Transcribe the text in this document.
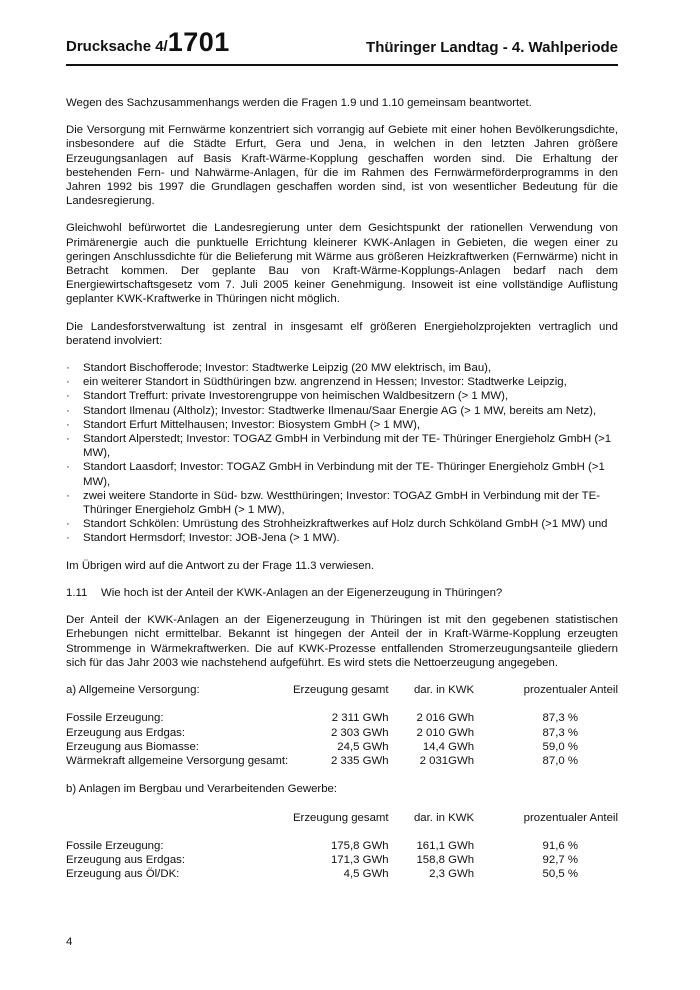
Drucksache 4/1701	Thüringer Landtag - 4. Wahlperiode

Wegen des Sachzusammenhangs werden die Fragen 1.9 und 1.10 gemeinsam beantwortet.

Die Versorgung mit Fernwärme konzentriert sich vorrangig auf Gebiete mit einer hohen Bevölkerungsdichte, insbesondere auf die Städte Erfurt, Gera und Jena, in welchen in den letzten Jahren größere Erzeugungsanlagen auf Basis Kraft-Wärme-Kopplung geschaffen worden sind. Die Erhaltung der bestehenden Fern- und Nahwärme-Anlagen, für die im Rahmen des Fernwärmeförderprogramms in den Jahren 1992 bis 1997 die Grundlagen geschaffen worden sind, ist von wesentlicher Bedeutung für die Landesregierung.

Gleichwohl befürwortet die Landesregierung unter dem Gesichtspunkt der rationellen Verwendung von Primärenergie auch die punktuelle Errichtung kleinerer KWK-Anlagen in Gebieten, die wegen einer zu geringen Anschlussdichte für die Belieferung mit Wärme aus größeren Heizkraftwerken (Fernwärme) nicht in Betracht kommen. Der geplante Bau von Kraft-Wärme-Kopplungs-Anlagen bedarf nach dem Energiewirtschaftsgesetz vom 7. Juli 2005 keiner Genehmigung. Insoweit ist eine vollständige Auflistung geplanter KWK-Kraftwerke in Thüringen nicht möglich.

Die Landesforstverwaltung ist zentral in insgesamt elf größeren Energieholzprojekten vertraglich und beratend involviert:

· Standort Bischofferode; Investor: Stadtwerke Leipzig (20 MW elektrisch, im Bau),
· ein weiterer Standort in Südthüringen bzw. angrenzend in Hessen; Investor: Stadtwerke Leipzig,
· Standort Treffurt: private Investorengruppe von heimischen Waldbesitzern (> 1 MW),
· Standort Ilmenau (Altholz); Investor: Stadtwerke Ilmenau/Saar Energie AG (> 1 MW, bereits am Netz),
· Standort Erfurt Mittelhausen; Investor: Biosystem GmbH (> 1 MW),
· Standort Alperstedt; Investor: TOGAZ GmbH in Verbindung mit der TE- Thüringer Energieholz GmbH (>1 MW),
· Standort Laasdorf; Investor: TOGAZ GmbH in Verbindung mit der TE- Thüringer Energieholz GmbH (>1 MW),
· zwei weitere Standorte in Süd- bzw. Westthüringen; Investor: TOGAZ GmbH in Verbindung mit der TE-Thüringer Energieholz GmbH (> 1 MW),
· Standort Schkölen: Umrüstung des Strohheizkraftwerkes auf Holz durch Schköland GmbH (>1 MW) und
· Standort Hermsdorf; Investor: JOB-Jena (> 1 MW).

Im Übrigen wird auf die Antwort zu der Frage 11.3 verwiesen.

1.11	Wie hoch ist der Anteil der KWK-Anlagen an der Eigenerzeugung in Thüringen?

Der Anteil der KWK-Anlagen an der Eigenerzeugung in Thüringen ist mit den gegebenen statistischen Erhebungen nicht ermittelbar. Bekannt ist hingegen der Anteil der in Kraft-Wärme-Kopplung erzeugten Strommenge in Wärmekraftwerken. Die auf KWK-Prozesse entfallenden Stromerzeugungsanteile gliedern sich für das Jahr 2003 wie nachstehend aufgeführt. Es wird stets die Nettoerzeugung angegeben.

a) Allgemeine Versorgung:	Erzeugung gesamt	dar. in KWK	prozentualer Anteil

Fossile Erzeugung:	2 311 GWh	2 016 GWh	87,3 %
Erzeugung aus Erdgas:	2 303 GWh	2 010 GWh	87,3 %
Erzeugung aus Biomasse:	24,5 GWh	14,4 GWh	59,0 %
Wärmekraft allgemeine Versorgung gesamt:	2 335 GWh	2 031GWh	87,0 %

b) Anlagen im Bergbau und Verarbeitenden Gewerbe:			

	Erzeugung gesamt	dar. in KWK	prozentualer Anteil

Fossile Erzeugung:	175,8 GWh	161,1 GWh	91,6 %
Erzeugung aus Erdgas:	171,3 GWh	158,8 GWh	92,7 %
Erzeugung aus Öl/DK:	4,5 GWh	2,3 GWh	50,5 %
4
